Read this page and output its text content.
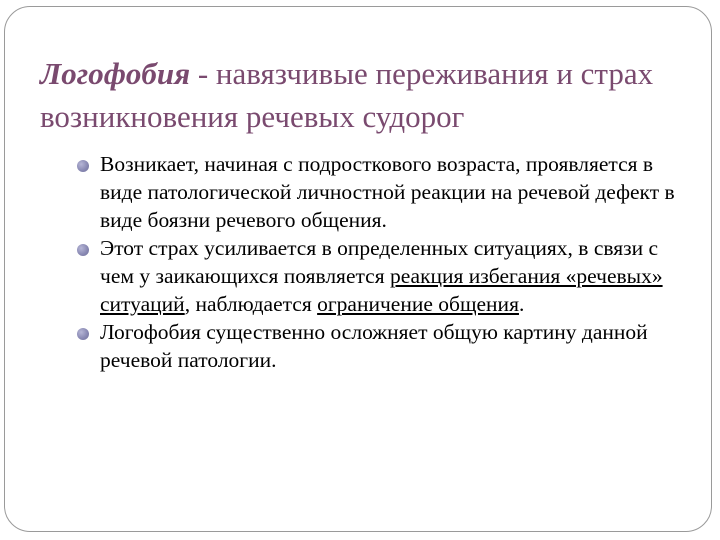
Логофобия - навязчивые переживания и страх возникновения речевых судорог

Возникает, начиная с подросткового возраста, проявляется в виде патологической личностной реакции на речевой дефект в виде боязни речевого общения.

Этот страх усиливается в определенных ситуациях, в связи с чем у заикающихся появляется реакция избегания «речевых» ситуаций, наблюдается ограничение общения.

Логофобия существенно осложняет общую картину данной речевой патологии.
